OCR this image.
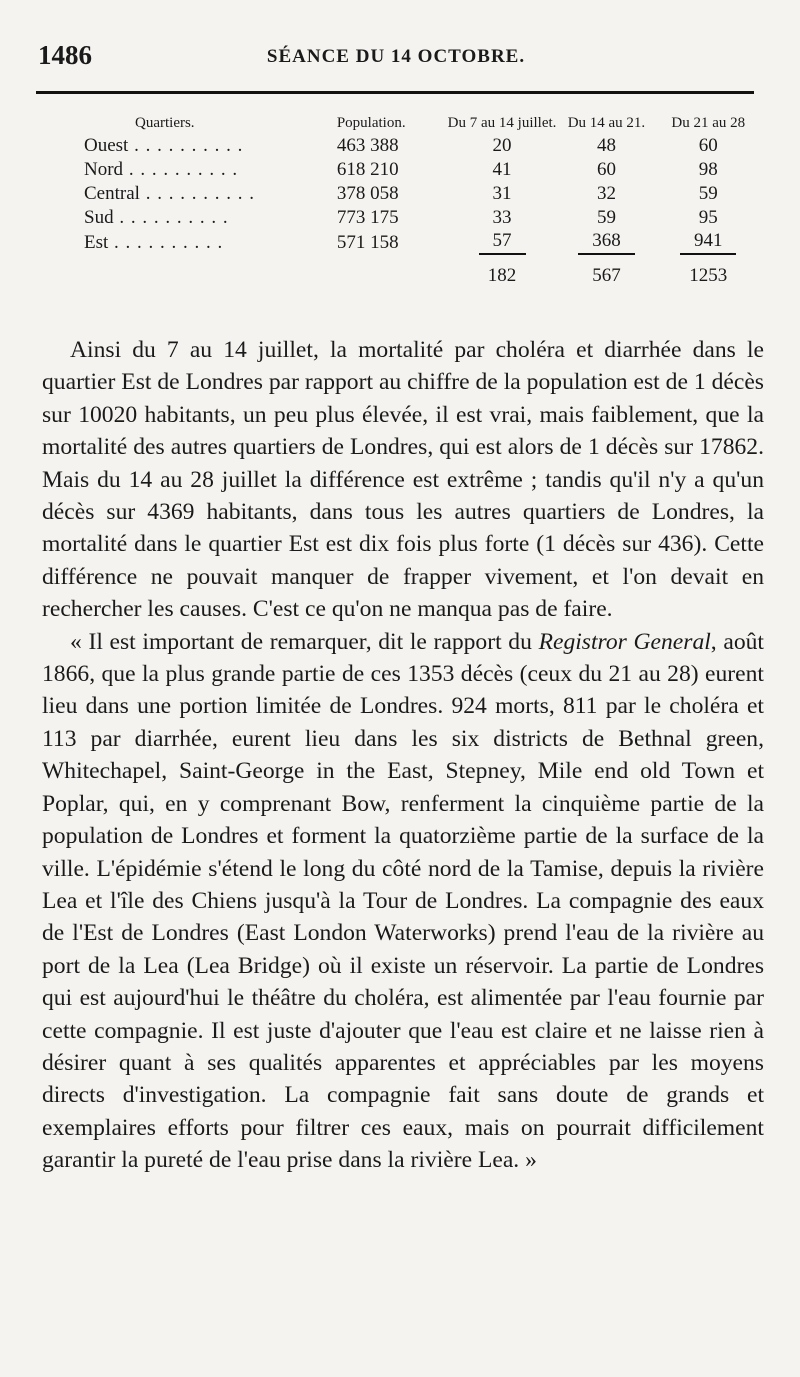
1486	SÉANCE DU 14 OCTOBRE.
Quartiers.	Population.	Du 7 au 14 juillet.	Du 14 au 21.	Du 21 au 28
Ouest . . .	463 388	20	48	60
Nord . . .	618 210	41	60	98
Central . . .	378 058	31	32	59
Sud . . .	773 175	33	59	95
Est . . .	571 158	57	368	941
		182	567	1253

Ainsi du 7 au 14 juillet, la mortalité par choléra et diarrhée dans le quartier Est de Londres par rapport au chiffre de la population est de 1 décès sur 10020 habitants, un peu plus élevée, il est vrai, mais faiblement, que la mortalité des autres quartiers de Londres, qui est alors de 1 décès sur 17862. Mais du 14 au 28 juillet la différence est extrême ; tandis qu'il n'y a qu'un décès sur 4369 habitants, dans tous les autres quartiers de Londres, la mortalité dans le quartier Est est dix fois plus forte (1 décès sur 436). Cette différence ne pouvait manquer de frapper vivement, et l'on devait en rechercher les causes. C'est ce qu'on ne manqua pas de faire.

« Il est important de remarquer, dit le rapport du Registror General, août 1866, que la plus grande partie de ces 1353 décès (ceux du 21 au 28) eurent lieu dans une portion limitée de Londres. 924 morts, 811 par le choléra et 113 par diarrhée, eurent lieu dans les six districts de Bethnal green, Whitechapel, Saint-George in the East, Stepney, Mile end old Town et Poplar, qui, en y comprenant Bow, renferment la cinquième partie de la population de Londres et forment la quatorzième partie de la surface de la ville. L'épidémie s'étend le long du côté nord de la Tamise, depuis la rivière Lea et l'île des Chiens jusqu'à la Tour de Londres. La compagnie des eaux de l'Est de Londres (East London Waterworks) prend l'eau de la rivière au port de la Lea (Lea Bridge) où il existe un réservoir. La partie de Londres qui est aujourd'hui le théâtre du choléra, est alimentée par l'eau fournie par cette compagnie. Il est juste d'ajouter que l'eau est claire et ne laisse rien à désirer quant à ses qualités apparentes et appréciables par les moyens directs d'investigation. La compagnie fait sans doute de grands et exemplaires efforts pour filtrer ces eaux, mais on pourrait difficilement garantir la pureté de l'eau prise dans la rivière Lea. »
